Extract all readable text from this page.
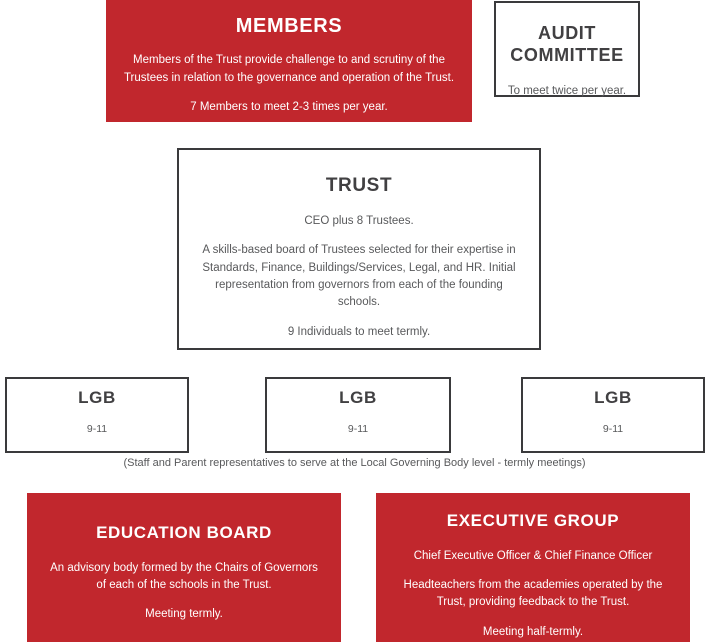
MEMBERS

Members of the Trust provide challenge to and scrutiny of the Trustees in relation to the governance and operation of the Trust.

7 Members to meet 2-3 times per year.

AUDIT COMMITTEE

To meet twice per year.

TRUST

CEO plus 8 Trustees.

A skills-based board of Trustees selected for their expertise in Standards, Finance, Buildings/Services, Legal, and HR. Initial representation from governors from each of the founding schools.

9 Individuals to meet termly.

LGB
9-11
LGB
9-11
LGB
9-11
(Staff and Parent representatives to serve at the Local Governing Body level - termly meetings)
EDUCATION BOARD

An advisory body formed by the Chairs of Governors of each of the schools in the Trust.

Meeting termly.

EXECUTIVE GROUP

Chief Executive Officer & Chief Finance Officer

Headteachers from the academies operated by the Trust, providing feedback to the Trust.

Meeting half-termly.
